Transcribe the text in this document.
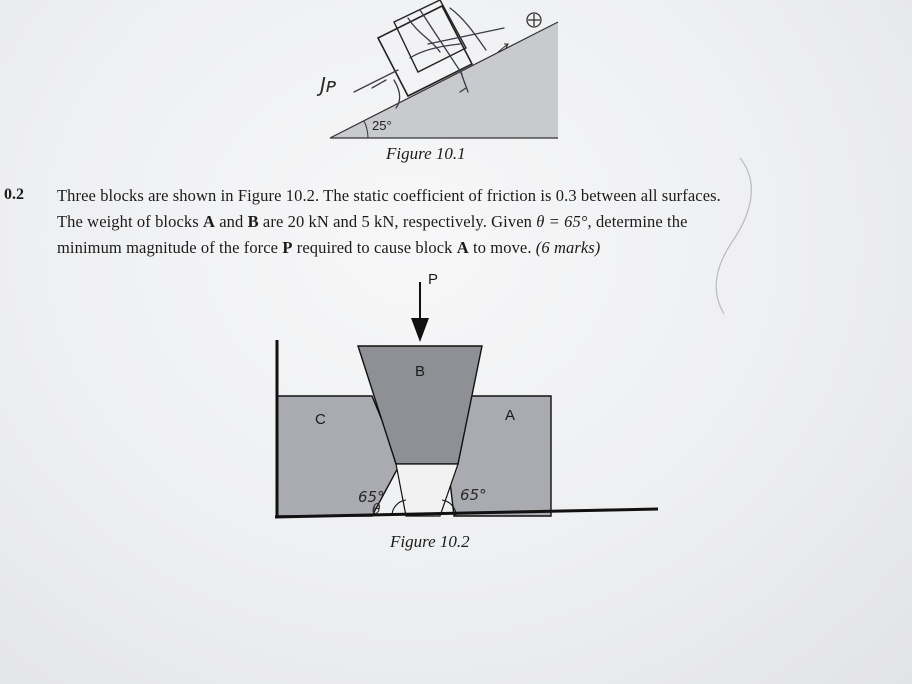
Jᴘ
25°
Figure 10.1
0.2 Three blocks are shown in Figure 10.2. The static coefficient of friction is 0.3 between all surfaces.
The weight of blocks A and B are 20 kN and 5 kN, respectively. Given θ = 65°, determine the
minimum magnitude of the force P required to cause block A to move. (6 marks)
P
B
C	A
65°
θ
65°
Figure 10.2
